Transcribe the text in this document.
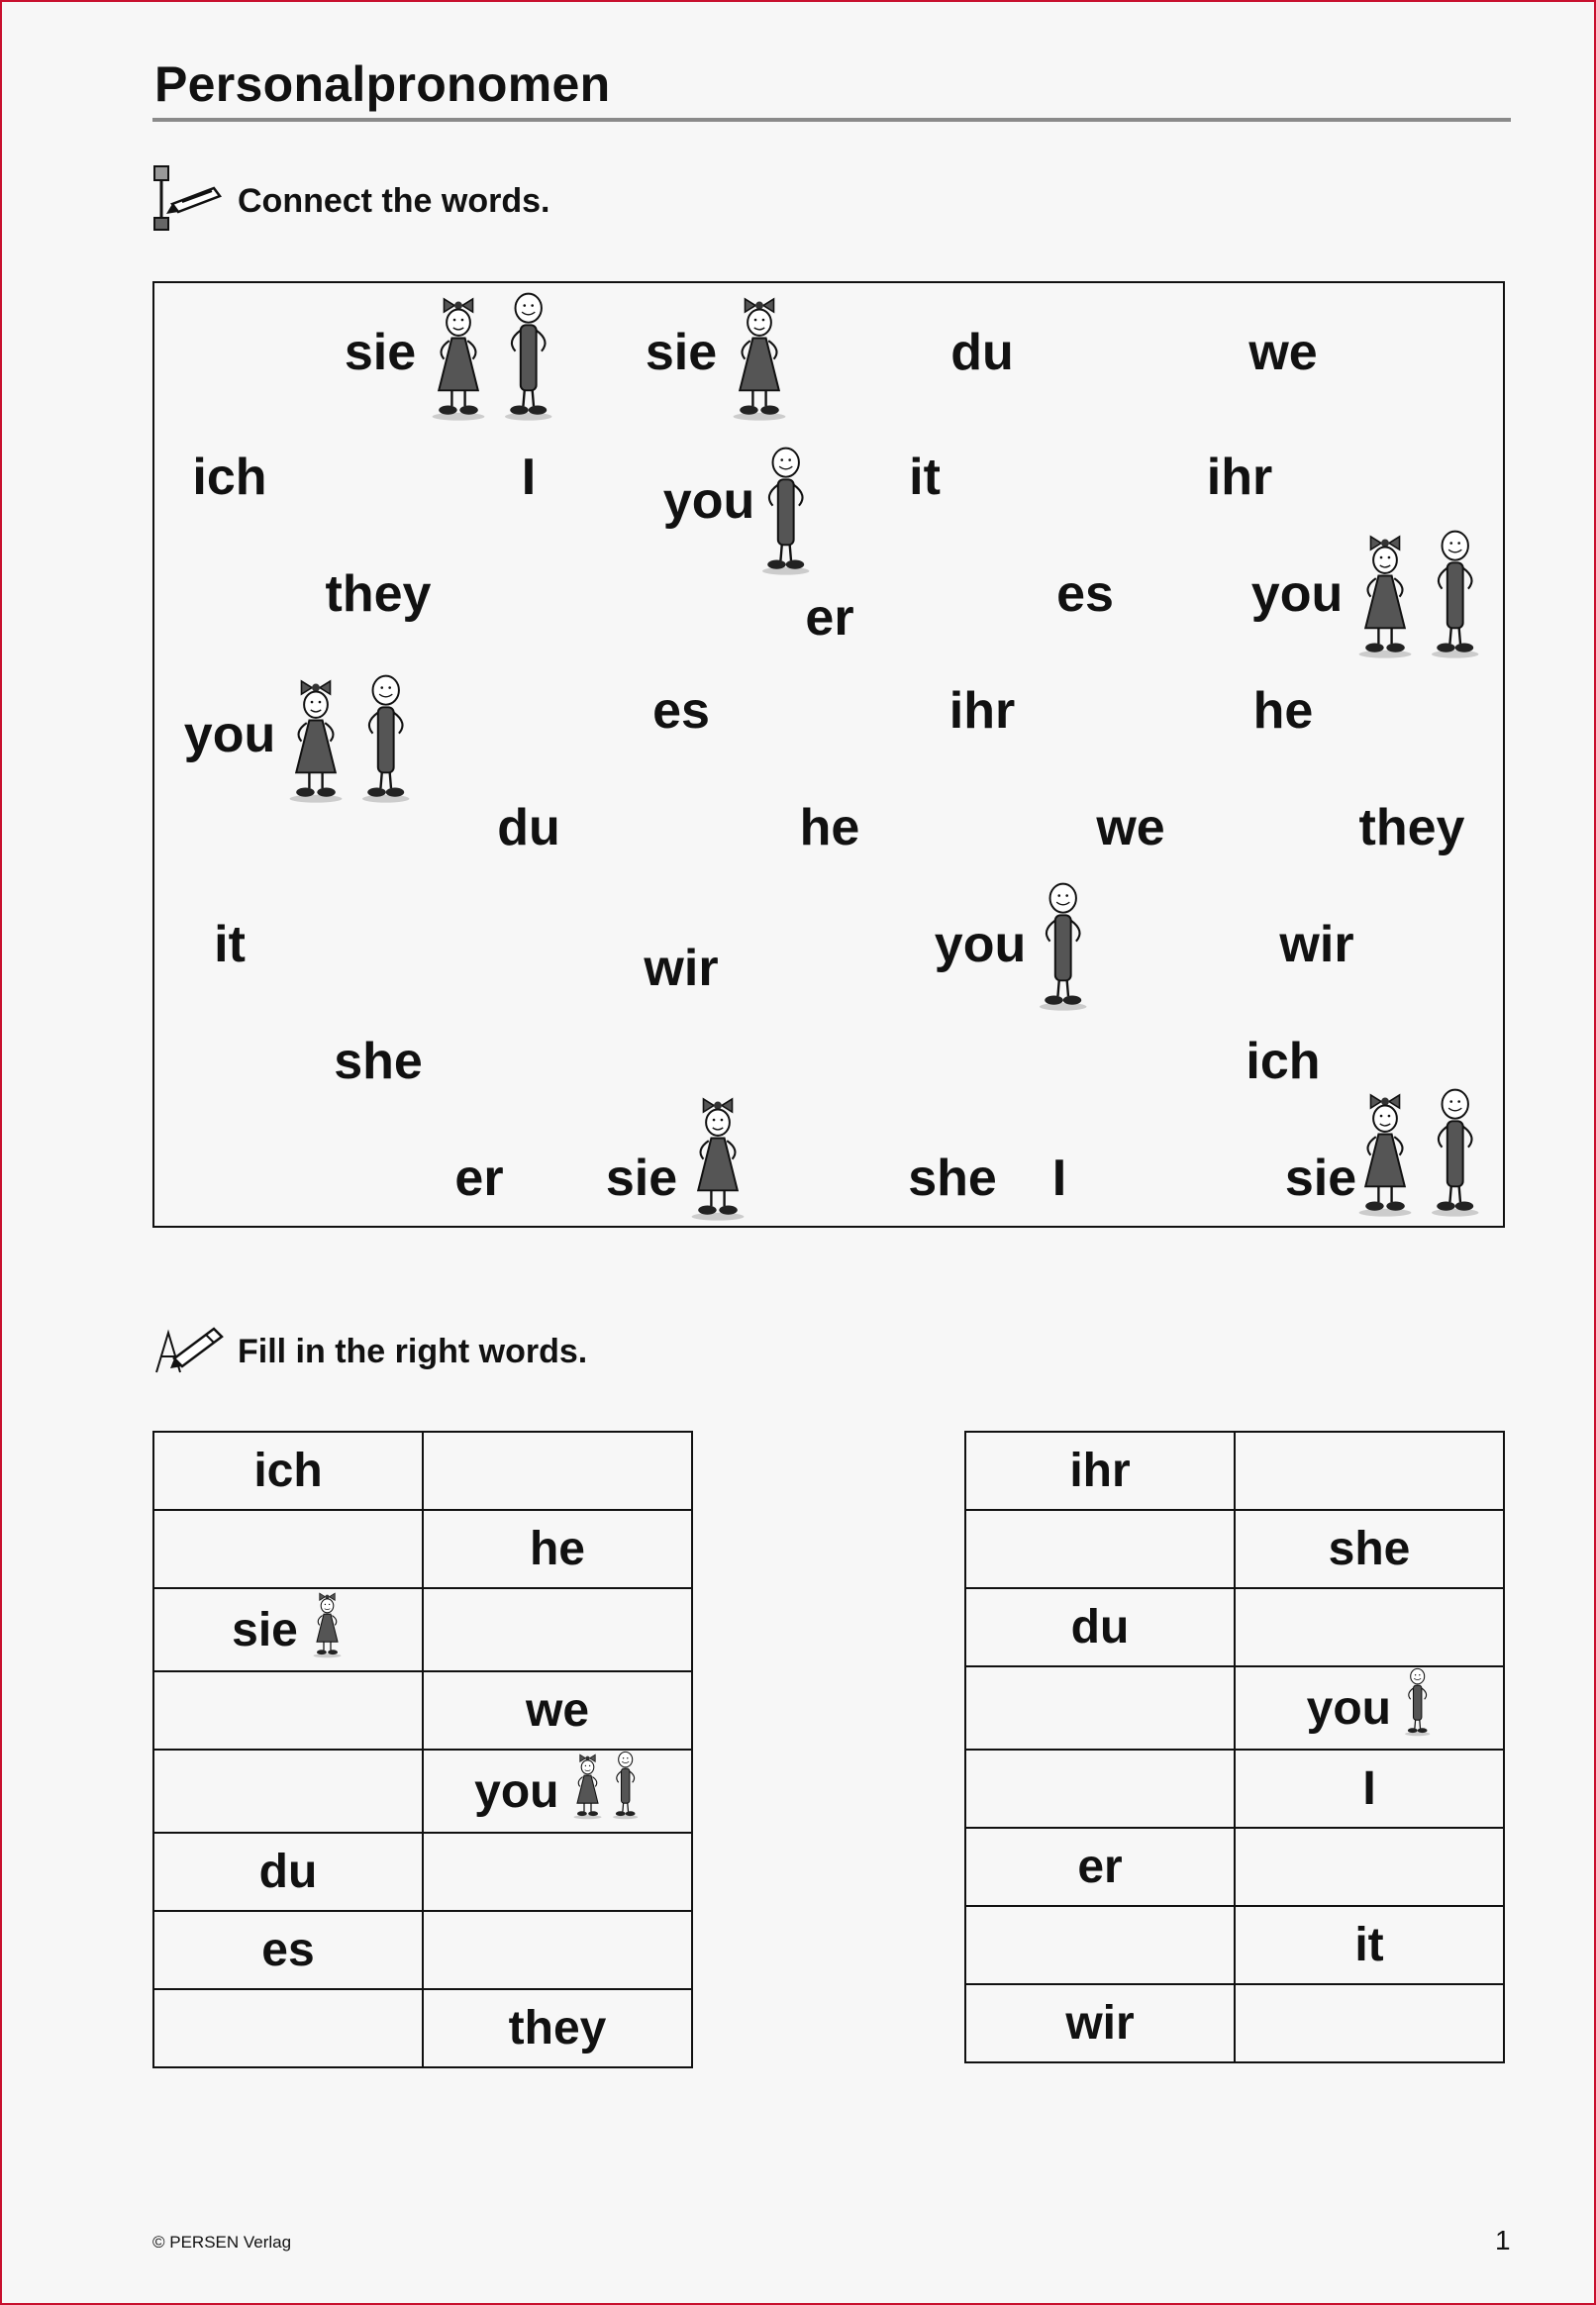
Personalpronomen
Connect the words.
sie	sie	du	we
ich	I you	it	ihr
they	er	es	you
you	es	ihr	he
du	he	we	they
it	wir	you	wir
she	ich
er sie	she I	sie
Fill in the right words.
ich	

	he

sie	

	we

	you

du	

es	

	they
ihr	

	she

du	

	you

	I

er	

	it

wir	

© PERSEN Verlag	1
